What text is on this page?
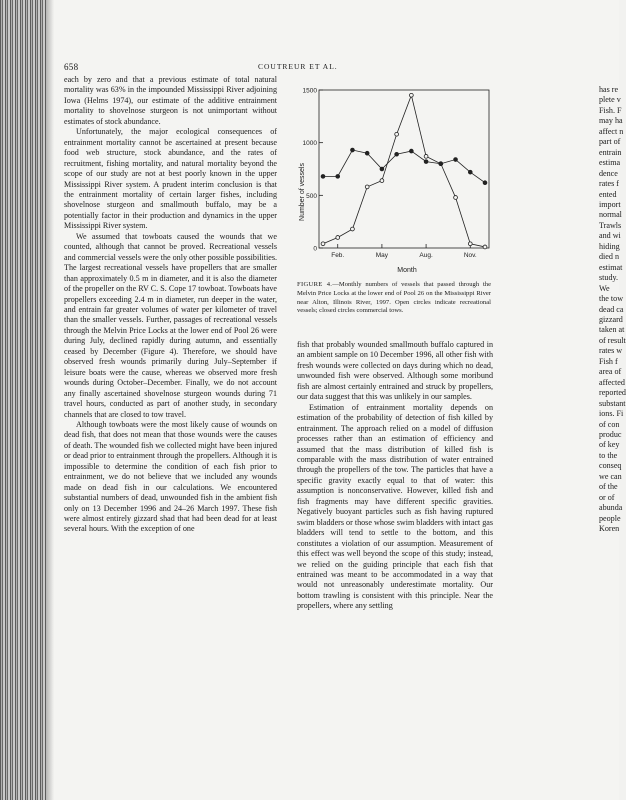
658	COUTREUR ET AL.

each by zero and that a previous estimate of total natural mortality was 63% in the impounded Mississippi River adjoining Iowa (Helms 1974), our estimate of the additive entrainment mortality to shovelnose sturgeon is not unimportant without estimates of stock abundance.

Unfortunately, the major ecological consequences of entrainment mortality cannot be ascertained at present because food web structure, stock abundance, and the rates of recruitment, fishing mortality, and natural mortality beyond the scope of our study are not at best poorly known in the upper Mississippi River system. A prudent interim conclusion is that the entrainment mortality of certain larger fishes, including shovelnose sturgeon and smallmouth buffalo, may be a potentially factor in their production and dynamics in the upper Mississippi River system.

We assumed that towboats caused the wounds that we counted, although that cannot be proved. Recreational vessels and commercial vessels were the only other possible possibilities. The largest recreational vessels have propellers that are smaller than approximately 0.5 m in diameter, and it is also the diameter of the propeller on the RV C. S. Cope 17 towboat. Towboats have propellers exceeding 2.4 m in diameter, run deeper in the water, and entrain far greater volumes of water per kilometer of travel than the smaller vessels. Further, passages of recreational vessels through the Melvin Price Locks at the lower end of Pool 26 were during July, declined rapidly during autumn, and essentially ceased by December (Figure 4). Therefore, we should have observed fresh wounds primarily during July–September if leisure boats were the cause, whereas we observed more fresh wounds during October–December. Finally, we do not account any finally ascertained shovelnose sturgeon wounds during 71 travel hours, conducted as part of another study, in secondary channels that are closed to tow travel.

Although towboats were the most likely cause of wounds on dead fish, that does not mean that those wounds were the causes of death. The wounded fish we collected might have been injured or dead prior to entrainment through the propellers. Although it is impossible to determine the condition of each fish prior to entrainment, we do not believe that we included any wounds made on dead fish in our calculations. We encountered substantial numbers of dead, unwounded fish in the ambient fish only on 13 December 1996 and 24–26 March 1997. These fish were almost entirely gizzard shad that had been dead for at least several hours. With the exception of one

0
500
1000
1500
Feb.	May	Aug.	Nov.
Number of vessels
Month
FIGURE 4.—Monthly numbers of vessels that passed through the Melvin Price Locks at the lower end of Pool 26 on the Mississippi River near Alton, Illinois River, 1997. Open circles indicate recreational vessels; closed circles commercial tows.

fish that probably wounded smallmouth buffalo captured in an ambient sample on 10 December 1996, all other fish with fresh wounds were collected on days during which no dead, unwounded fish were observed. Although some moribund fish are almost certainly entrained and struck by propellers, our data suggest that this was unlikely in our samples.

Estimation of entrainment mortality depends on estimation of the probability of detection of fish killed by entrainment. The approach relied on a model of diffusion processes rather than an estimation of efficiency and assumed that the mass distribution of killed fish is comparable with the mass distribution of water entrained through the propellers of the tow. The particles that have a specific gravity exactly equal to that of water: this assumption is nonconservative. However, killed fish and fish fragments may have different specific gravities. Negatively buoyant particles such as fish having ruptured swim bladders or those whose swim bladders with intact gas bladders will tend to settle to the bottom, and this constitutes a violation of our assumption. Measurement of this effect was well beyond the scope of this study; instead, we relied on the guiding principle that each fish that entrained was meant to be accommodated in a way that would not unreasonably underestimate mortality. Our bottom trawling is consistent with this principle. Near the propellers, where any settling

has re
plete v
Fish. F
may ha
affect n
part of
entrain
estima
dence
rates f
ented
import
normal
Trawls
and wi
hiding
died n
estimat
study.
We
the tow
dead ca
gizzard
taken at
of result
rates w
Fish f
area of
affected
reported
substant
ions. Fi
of con
produc
of key
to the
conseq
we can
of the
or of
abunda
people
Koren
